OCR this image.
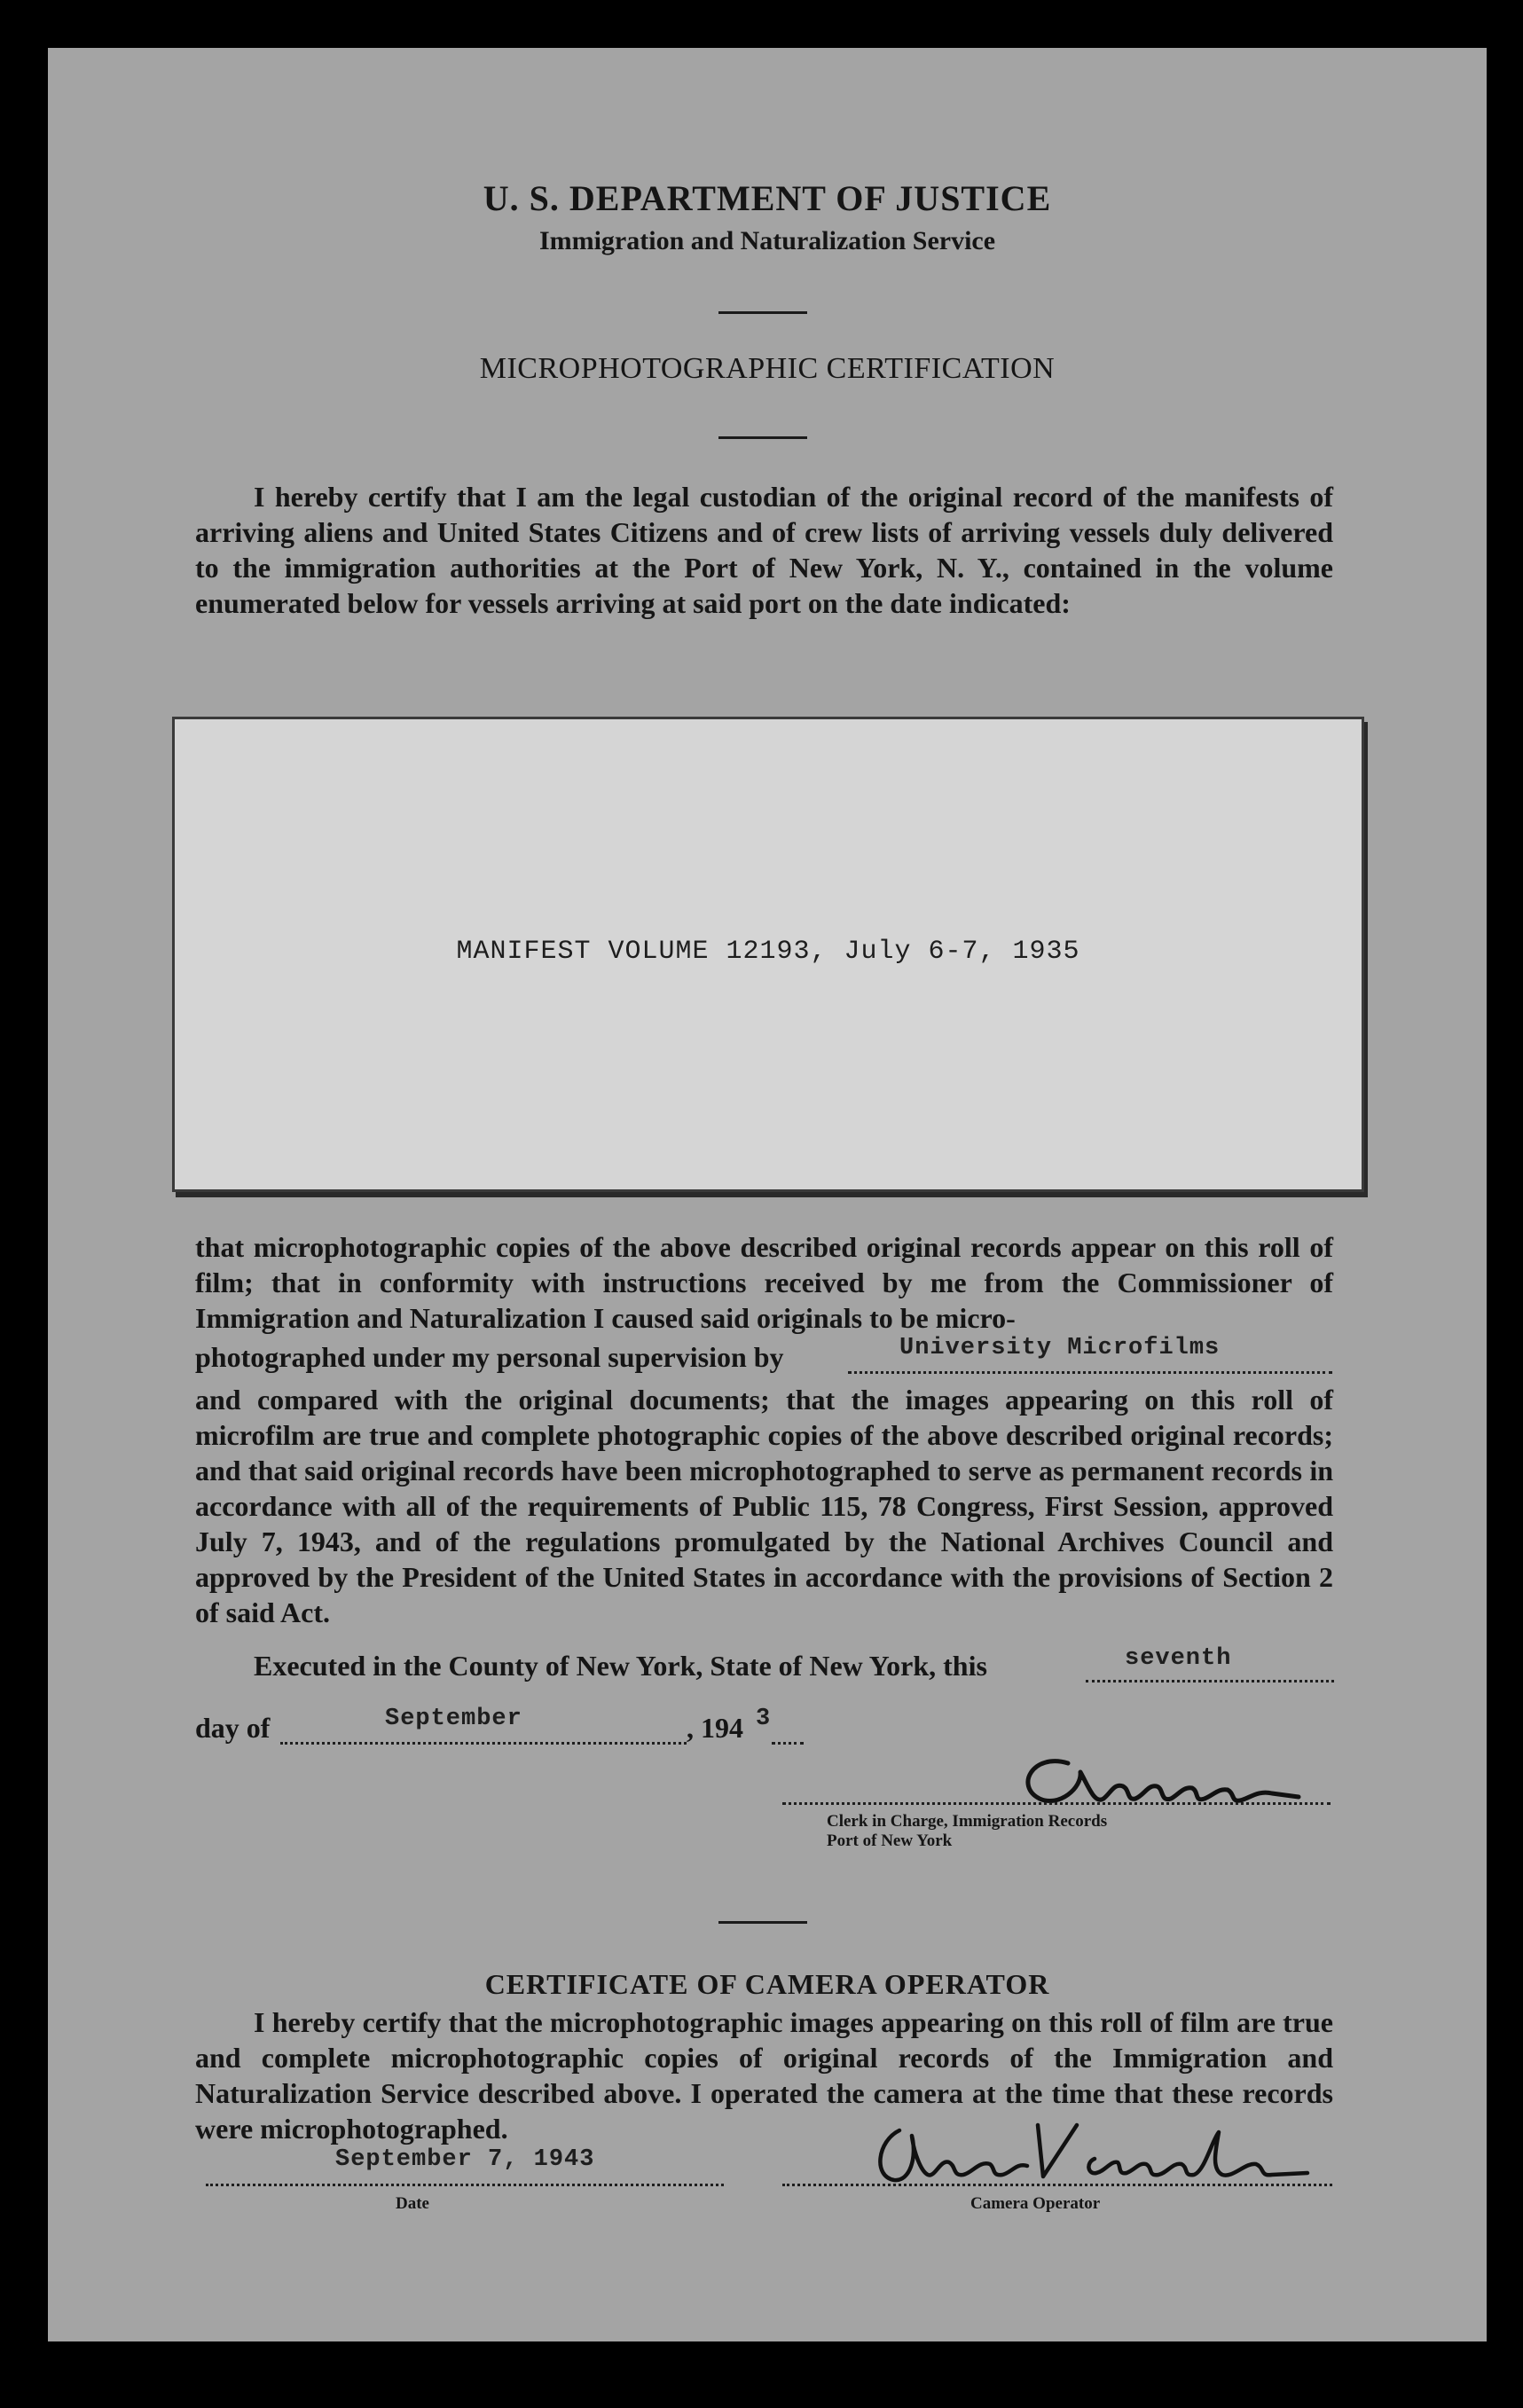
U. S. DEPARTMENT OF JUSTICE
Immigration and Naturalization Service
MICROPHOTOGRAPHIC CERTIFICATION

I hereby certify that I am the legal custodian of the original record of the manifests of arriving aliens and United States Citizens and of crew lists of arriving vessels duly delivered to the immigration authorities at the Port of New York, N. Y., contained in the volume enumerated below for vessels arriving at said port on the date indicated:

MANIFEST VOLUME 12193, July 6-7, 1935

that microphotographic copies of the above described original records appear on this roll of film; that in conformity with instructions received by me from the Commissioner of Immigration and Naturalization I caused said originals to be micro-

photographed under my personal supervision by	University Microfilms

and compared with the original documents; that the images appearing on this roll of microfilm are true and complete photographic copies of the above described original records; and that said original records have been microphotographed to serve as permanent records in accordance with all of the requirements of Public 115, 78 Congress, First Session, approved July 7, 1943, and of the regulations promulgated by the National Archives Council and approved by the President of the United States in accordance with the provisions of Section 2 of said Act.

Executed in the County of New York, State of New York, this	seventh
day of	September	, 194 3
Clerk in Charge, Immigration Records
Port of New York
CERTIFICATE OF CAMERA OPERATOR

I hereby certify that the microphotographic images appearing on this roll of film are true and complete microphotographic copies of original records of the Immigration and Naturalization Service described above. I operated the camera at the time that these records were microphotographed.

September 7, 1943
Date	Camera Operator
